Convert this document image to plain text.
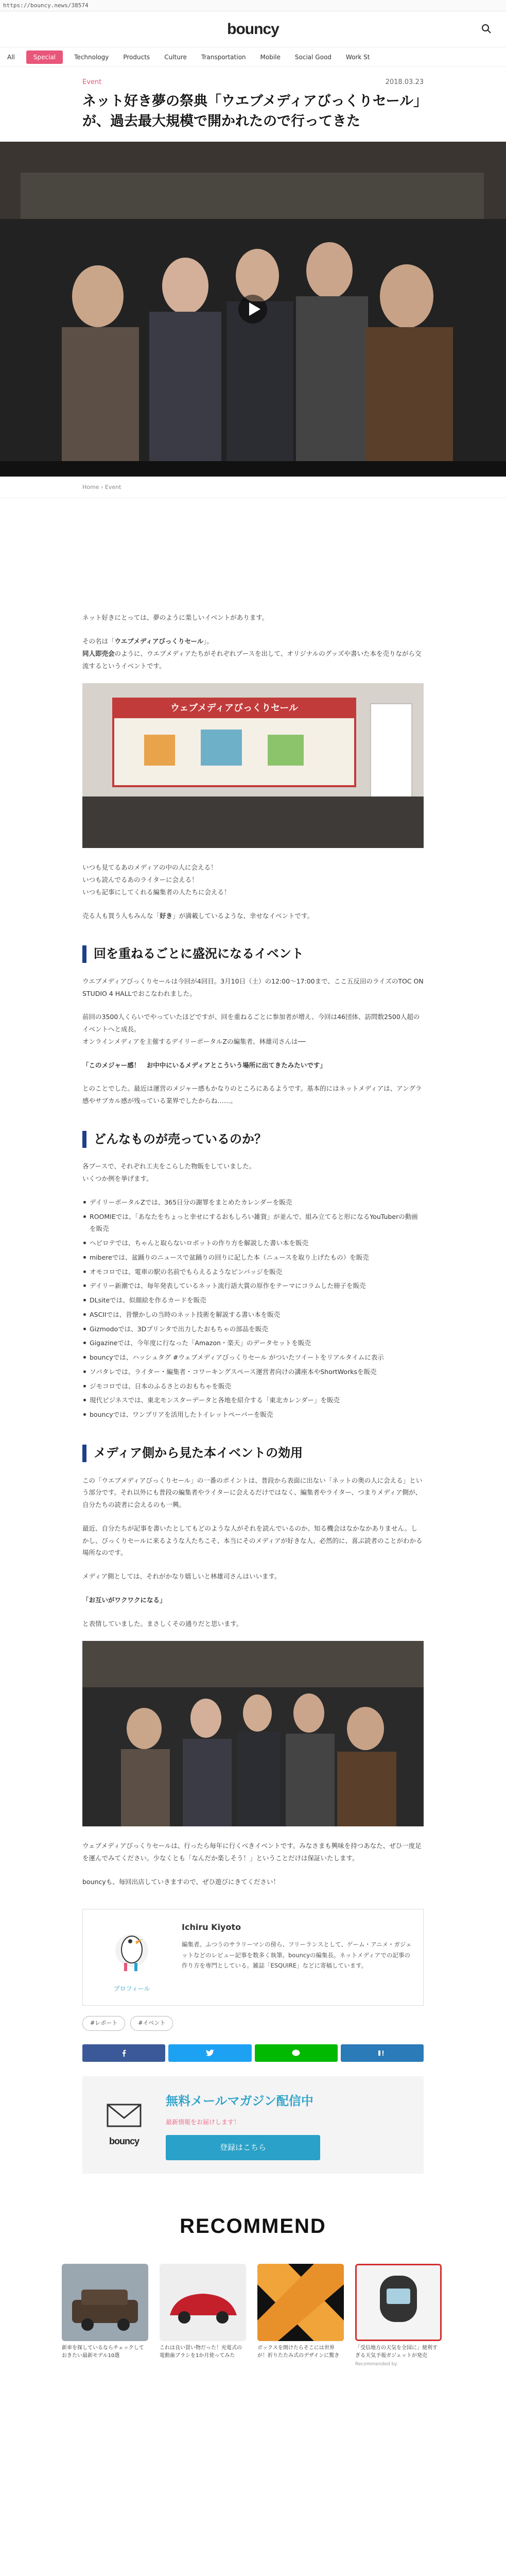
https://bouncy.news/38574
bouncy
All	Special	Technology	Products	Culture	Transportation	Mobile	Social Good	Work St
Event	2018.03.23
ネット好き夢の祭典「ウエブメディアびっくりセール」が、過去最大規模で開かれたので行ってきた
Home › Event

ネット好きにとっては、夢のように楽しいイベントがあります。

その名は「ウエブメディアびっくりセール」。
同人即売会のように、ウエブメディアたちがそれぞれブースを出して、オリジナルのグッズや書いた本を売りながら交流するというイベントです。

ウェブメディアびっくりセール

いつも見てるあのメディアの中の人に会える！
いつも読んでるあのライターに会える！
いつも記事にしてくれる編集者の人たちに会える！

売る人も買う人もみんな「好き」が満載しているような、幸せなイベントです。

回を重ねるごとに盛況になるイベント

ウエブメディアびっくりセールは今回が4回目。3月10日（土）の12:00〜17:00まで、ここ五反田のライズのTOC ON STUDIO 4 HALLでおこなわれました。

前回の3500人くらいでやっていたほどですが、回を重ねるごとに参加者が増え、今回は46団体、訪問数2500人超のイベントへと成長。
オンラインメディアを主催するデイリーポータルZの編集者、林雄司さんは──

「このメジャー感！　お中中にいるメディアとこういう場所に出てきたみたいです」

とのことでした。最近は運営のメジャー感もかなりのところにあるようです。基本的にはネットメディアは、アングラ感やサブカル感が残っている業界でしたからね……。

どんなものが売っているのか？

各ブースで、それぞれ工夫をこらした物販をしていました。
いくつか例を挙げます。

デイリーポータルZでは、365日分の謝罪をまとめたカレンダーを販売
ROOMIEでは、「あなたをちょっと幸せにするおもしろい雑貨」が並んで、組み立てると形になるYouTuberの動画を販売
ヘビロテでは、ちゃんと取らないロボットの作り方を解説した書い本を販売
mibereでは、盆踊りのニュースで盆踊りの回りに記した本（ニュースを取り上げたもの）を販売
オモコロでは、電車の駅の名前でもらえるようなピンバッジを販売
デイリー新潮では、毎年発表しているネット流行語大賞の原作をテーマにコラムした冊子を販売
DLsiteでは、似顔絵を作るカードを販売
ASCIIでは、昔懐かしの当時のネット技術を解説する書い本を販売
Gizmodoでは、3Dプリンタで出力したおもちゃの部品を販売
Gigazineでは、今年度に行なった「Amazon・楽天」のデータセットを販売
bouncyでは、ハッシュタグ #ウェブメディアびっくりセール がついたツイートをリアルタイムに表示
ソバタレでは、ライター・編集者・コワーキングスペース運営者向けの講座本やShortWorksを販売
ジモコロでは、日本のふるさとのおもちゃを販売
現代ビジネスでは、東北モンスターデータと各地を紹介する「東北カレンダー」を販売
bouncyでは、ワンプリアを活用したトイレットペーパーを販売
メディア側から見た本イベントの効用

この「ウエブメディアびっくりセール」の一番のポイントは、普段から表面に出ない「ネットの奥の人に会える」という部分です。それ以外にも普段の編集者やライターに会えるだけではなく、編集者やライター、つまりメディア側が、自分たちの読者に会えるのも一興。

最近、自分たちが記事を書いたとしてもどのような人がそれを読んでいるのか、知る機会はなかなかありません。しかし、びっくりセールに来るような人たちこそ、本当にそのメディアが好きな人、必然的に、喜ぶ読者のことがわかる場所なのです。

メディア側としては、それがかなり嬉しいと林雄司さんはいいます。

「お互いがワクワクになる」

と表情していました。まさしくその通りだと思います。

ウェブメディアびっくりセールは、行ったら毎年に行くべきイベントです。みなさまも興味を持つあなた、ぜひ一度足を運んでみてください。少なくとも「なんだか楽しそう！」ということだけは保証いたします。

bouncyも、毎回出店していきますので、ぜひ遊びにきてください！

プロフィール
Ichiru Kiyoto
編集者。ふつうのサラリーマンの傍ら、フリーランスとして、ゲーム・アニメ・ガジェットなどのレビュー記事を数多く執筆。bouncyの編集長。ネットメディアでの記事の作り方を専門としている。雑誌「ESQUIRE」などに寄稿しています。
#レポート	#イベント
bouncy
無料メールマガジン配信中
最新情報をお届けします！
登録はこちら
RECOMMEND
新車を探しているならチェックしておきたい最新モデル10選
これは良い買い物だった！充電式の電動歯ブラシを1か月使ってみた
ボックスを開けたらそこには世界が！折りたたみ式のデザインに驚き
「受信地方の天気を全国に」便利すぎる天気予報ガジェットが発売
Recommended by
